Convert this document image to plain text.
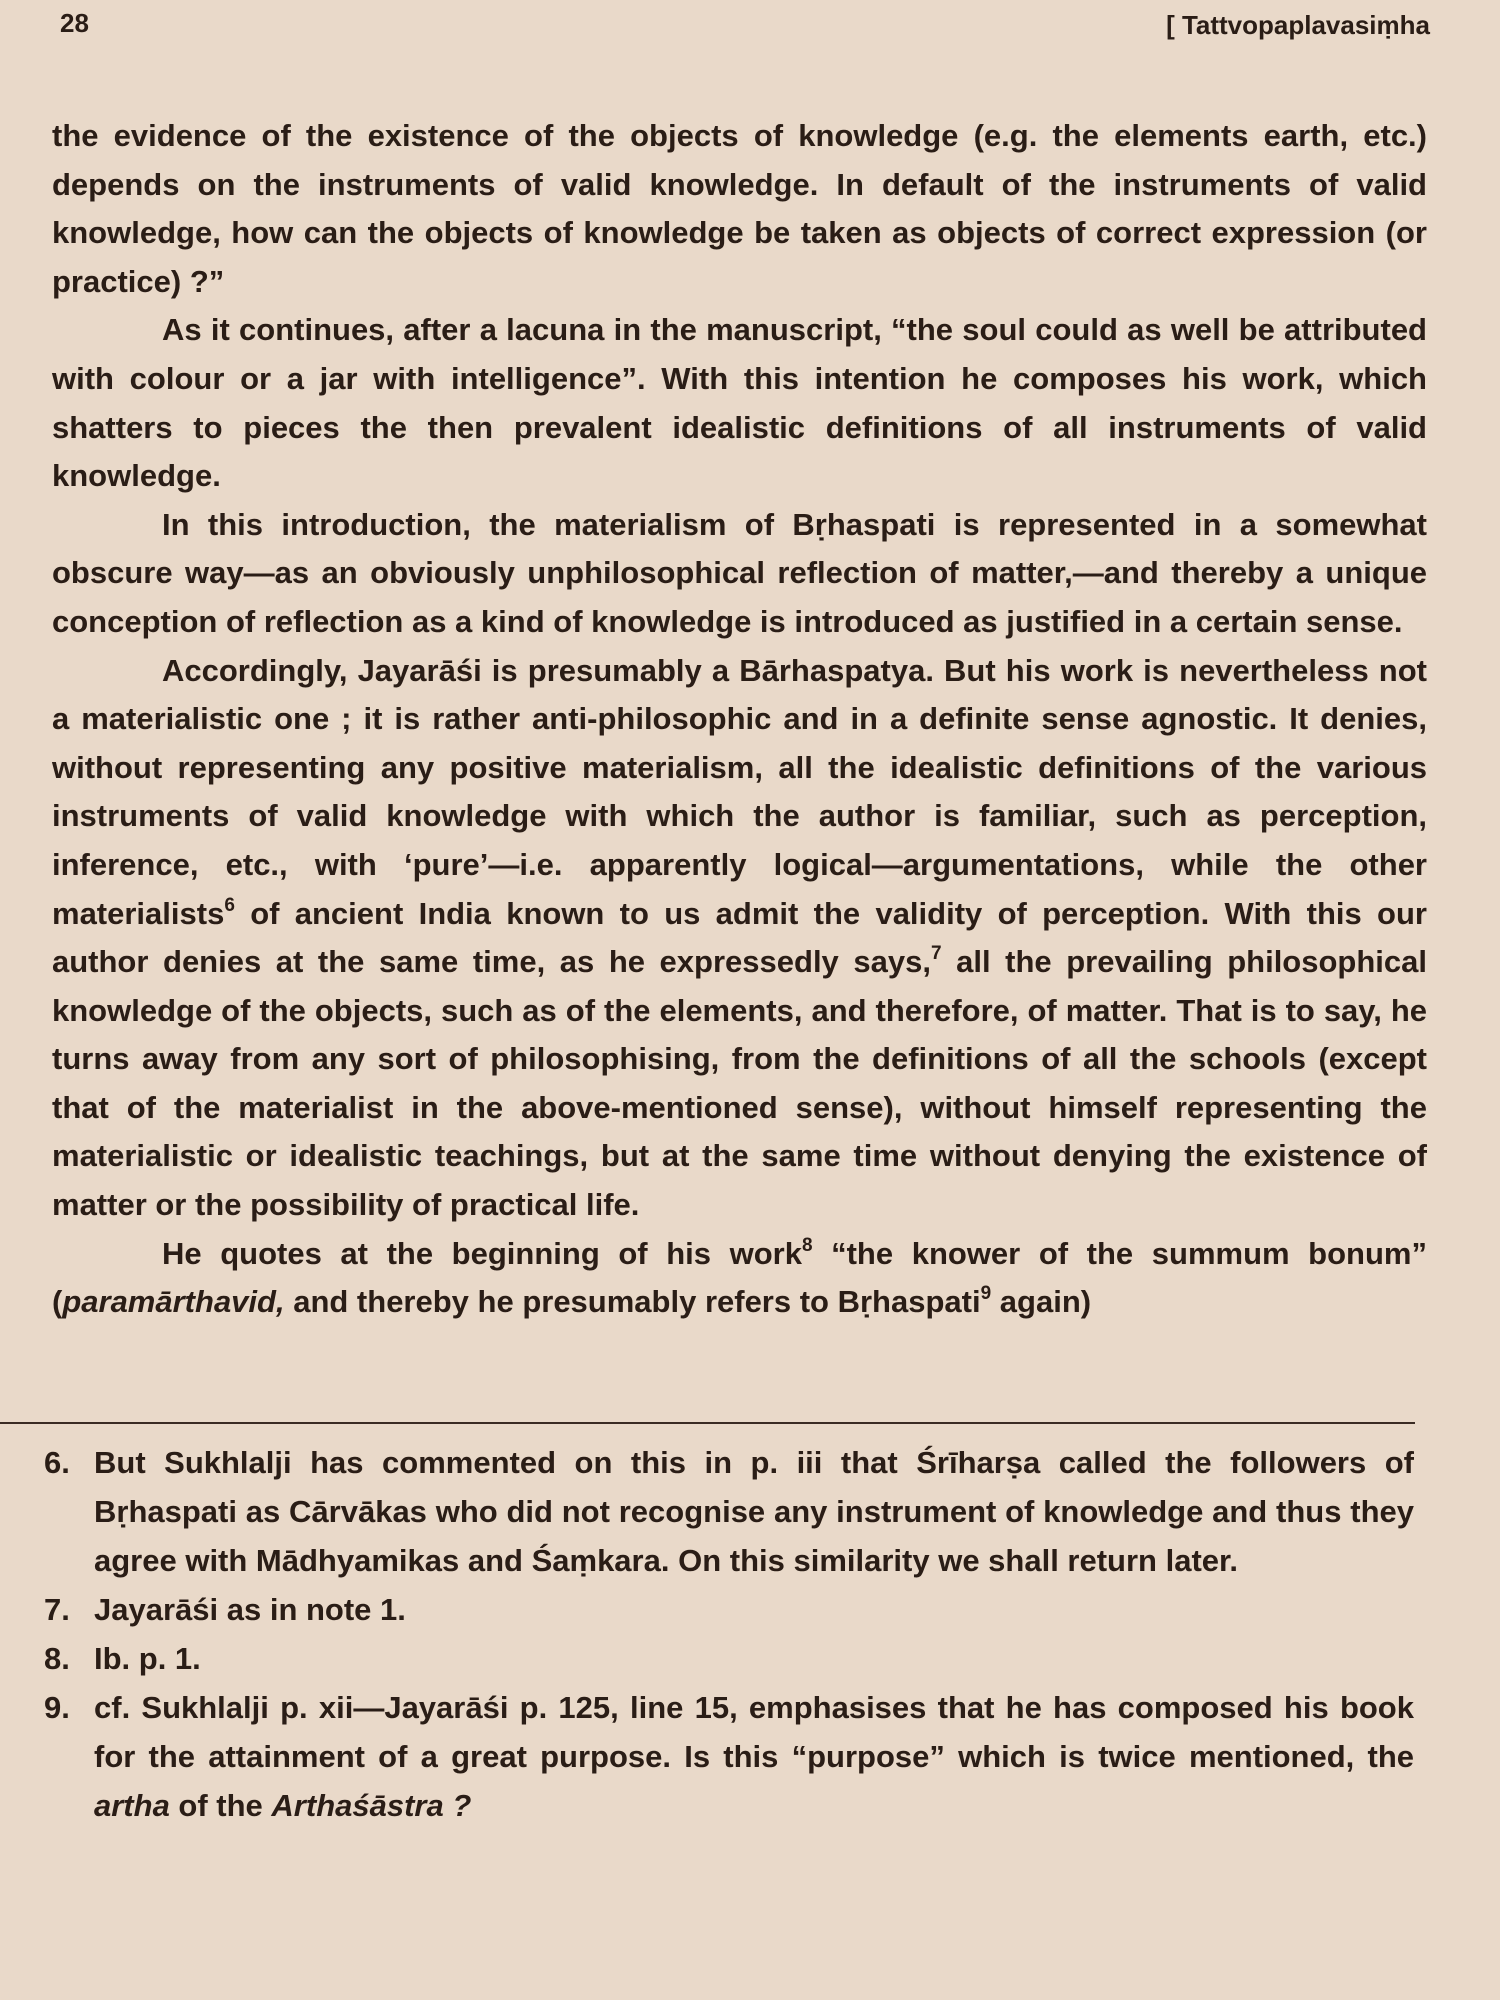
28	[ Tattvopaplavasiṃha

the evidence of the existence of the objects of knowledge (e.g. the elements earth, etc.) depends on the instruments of valid knowledge. In default of the instruments of valid knowledge, how can the objects of knowledge be taken as objects of correct expression (or practice) ?”

As it continues, after a lacuna in the manuscript, “the soul could as well be attributed with colour or a jar with intelligence”. With this intention he composes his work, which shatters to pieces the then prevalent idealistic definitions of all instruments of valid knowledge.

In this introduction, the materialism of Bṛhaspati is represented in a somewhat obscure way—as an obviously unphilosophical reflection of matter,—and thereby a unique conception of reflection as a kind of knowledge is introduced as justified in a certain sense.

Accordingly, Jayarāśi is presumably a Bārhaspatya. But his work is nevertheless not a materialistic one ; it is rather anti-philosophic and in a definite sense agnostic. It denies, without representing any positive materialism, all the idealistic definitions of the various instruments of valid knowledge with which the author is familiar, such as perception, inference, etc., with ‘pure’—i.e. apparently logical—argumentations, while the other materialists$^6$ of ancient India known to us admit the validity of perception. With this our author denies at the same time, as he expressedly says,$^7$ all the prevailing philosophical knowledge of the objects, such as of the elements, and therefore, of matter. That is to say, he turns away from any sort of philosophising, from the definitions of all the schools (except that of the materialist in the above-mentioned sense), without himself representing the materialistic or idealistic teachings, but at the same time without denying the existence of matter or the possibility of practical life.

He quotes at the beginning of his work$^8$ “the knower of the summum bonum” (paramārthavid, and thereby he presumably refers to Bṛhaspati$^9$ again)

6. But Sukhlalji has commented on this in p. iii that Śrīharṣa called the followers of Bṛhaspati as Cārvākas who did not recognise any instrument of knowledge and thus they agree with Mādhyamikas and Śaṃkara. On this similarity we shall return later.

7. Jayarāśi as in note 1.

8. Ib. p. 1.

9. cf. Sukhlalji p. xii—Jayarāśi p. 125, line 15, emphasises that he has composed his book for the attainment of a great purpose. Is this “purpose” which is twice mentioned, the artha of the Arthaśāstra ?
